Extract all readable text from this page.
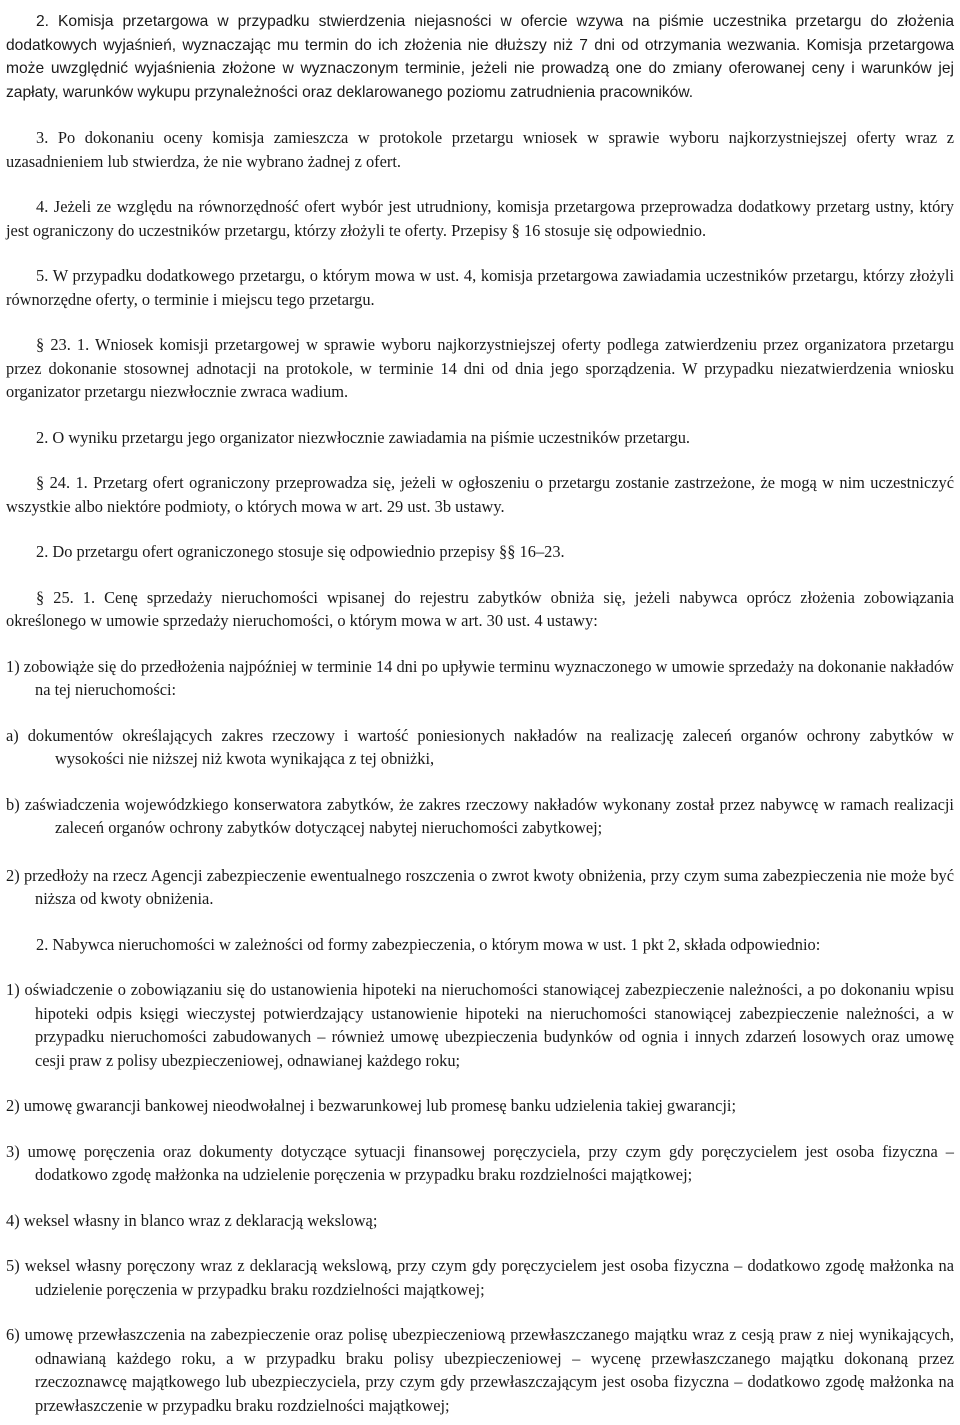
2. Komisja przetargowa w przypadku stwierdzenia niejasności w ofercie wzywa na piśmie uczestnika przetargu do złożenia dodatkowych wyjaśnień, wyznaczając mu termin do ich złożenia nie dłuższy niż 7 dni od otrzymania wezwania. Komisja przetargowa może uwzględnić wyjaśnienia złożone w wyznaczonym terminie, jeżeli nie prowadzą one do zmiany oferowanej ceny i warunków jej zapłaty, warunków wykupu przynależności oraz deklarowanego poziomu zatrudnienia pracowników.

3. Po dokonaniu oceny komisja zamieszcza w protokole przetargu wniosek w sprawie wyboru najkorzystniejszej oferty wraz z uzasadnieniem lub stwierdza, że nie wybrano żadnej z ofert.

4. Jeżeli ze względu na równorzędność ofert wybór jest utrudniony, komisja przetargowa przeprowadza dodatkowy przetarg ustny, który jest ograniczony do uczestników przetargu, którzy złożyli te oferty. Przepisy § 16 stosuje się odpowiednio.

5. W przypadku dodatkowego przetargu, o którym mowa w ust. 4, komisja przetargowa zawiadamia uczestników przetargu, którzy złożyli równorzędne oferty, o terminie i miejscu tego przetargu.

§ 23. 1. Wniosek komisji przetargowej w sprawie wyboru najkorzystniejszej oferty podlega zatwierdzeniu przez organizatora przetargu przez dokonanie stosownej adnotacji na protokole, w terminie 14 dni od dnia jego sporządzenia. W przypadku niezatwierdzenia wniosku organizator przetargu niezwłocznie zwraca wadium.

2. O wyniku przetargu jego organizator niezwłocznie zawiadamia na piśmie uczestników przetargu.

§ 24. 1. Przetarg ofert ograniczony przeprowadza się, jeżeli w ogłoszeniu o przetargu zostanie zastrzeżone, że mogą w nim uczestniczyć wszystkie albo niektóre podmioty, o których mowa w art. 29 ust. 3b ustawy.

2. Do przetargu ofert ograniczonego stosuje się odpowiednio przepisy §§ 16–23.

§ 25. 1. Cenę sprzedaży nieruchomości wpisanej do rejestru zabytków obniża się, jeżeli nabywca oprócz złożenia zobowiązania określonego w umowie sprzedaży nieruchomości, o którym mowa w art. 30 ust. 4 ustawy:

1) zobowiąże się do przedłożenia najpóźniej w terminie 14 dni po upływie terminu wyznaczonego w umowie sprzedaży na dokonanie nakładów na tej nieruchomości:

a) dokumentów określających zakres rzeczowy i wartość poniesionych nakładów na realizację zaleceń organów ochrony zabytków w wysokości nie niższej niż kwota wynikająca z tej obniżki,

b) zaświadczenia wojewódzkiego konserwatora zabytków, że zakres rzeczowy nakładów wykonany został przez nabywcę w ramach realizacji zaleceń organów ochrony zabytków dotyczącej nabytej nieruchomości zabytkowej;

2) przedłoży na rzecz Agencji zabezpieczenie ewentualnego roszczenia o zwrot kwoty obniżenia, przy czym suma zabezpieczenia nie może być niższa od kwoty obniżenia.

2. Nabywca nieruchomości w zależności od formy zabezpieczenia, o którym mowa w ust. 1 pkt 2, składa odpowiednio:

1) oświadczenie o zobowiązaniu się do ustanowienia hipoteki na nieruchomości stanowiącej zabezpieczenie należności, a po dokonaniu wpisu hipoteki odpis księgi wieczystej potwierdzający ustanowienie hipoteki na nieruchomości stanowiącej zabezpieczenie należności, a w przypadku nieruchomości zabudowanych – również umowę ubezpieczenia budynków od ognia i innych zdarzeń losowych oraz umowę cesji praw z polisy ubezpieczeniowej, odnawianej każdego roku;

2) umowę gwarancji bankowej nieodwołalnej i bezwarunkowej lub promesę banku udzielenia takiej gwarancji;

3) umowę poręczenia oraz dokumenty dotyczące sytuacji finansowej poręczyciela, przy czym gdy poręczycielem jest osoba fizyczna – dodatkowo zgodę małżonka na udzielenie poręczenia w przypadku braku rozdzielności majątkowej;

4) weksel własny in blanco wraz z deklaracją wekslową;

5) weksel własny poręczony wraz z deklaracją wekslową, przy czym gdy poręczycielem jest osoba fizyczna – dodatkowo zgodę małżonka na udzielenie poręczenia w przypadku braku rozdzielności majątkowej;

6) umowę przewłaszczenia na zabezpieczenie oraz polisę ubezpieczeniową przewłaszczanego majątku wraz z cesją praw z niej wynikających, odnawianą każdego roku, a w przypadku braku polisy ubezpieczeniowej – wycenę przewłaszczanego majątku dokonaną przez rzeczoznawcę majątkowego lub ubezpieczyciela, przy czym gdy przewłaszczającym jest osoba fizyczna – dodatkowo zgodę małżonka na przewłaszczenie w przypadku braku rozdzielności majątkowej;
